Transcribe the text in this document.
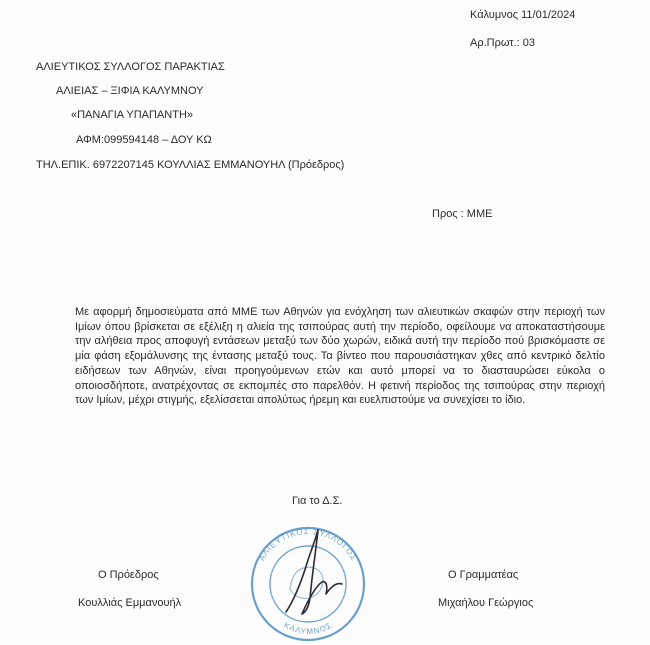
Κάλυμνος 11/01/2024
Αρ.Πρωτ.: 03
ΑΛΙΕΥΤΙΚΟΣ ΣΥΛΛΟΓΟΣ ΠΑΡΑΚΤΙΑΣ
ΑΛΙΕΙΑΣ – ΞΙΦΙΑ ΚΑΛΥΜΝΟΥ
«ΠΑΝΑΓΙΑ ΥΠΑΠΑΝΤΗ»
ΑΦΜ:099594148 – ΔΟΥ ΚΩ
ΤΗΛ.ΕΠΙΚ. 6972207145 ΚΟΥΛΛΙΑΣ ΕΜΜΑΝΟΥΗΛ (Πρόεδρος)
Προς : ΜΜΕ
Με αφορμή δημοσιεύματα από ΜΜΕ των Αθηνών για ενόχληση των αλιευτικών σκαφών στην περιοχή των Ιμίων όπου βρίσκεται σε εξέλιξη η αλιεία της τσιπούρας αυτή την περίοδο, οφείλουμε να αποκαταστήσουμε την αλήθεια προς αποφυγή εντάσεων μεταξύ των δύο χωρών, ειδικά αυτή την περίοδο πού βρισκόμαστε σε μία φάση εξομάλυνσης της έντασης μεταξύ τους. Τα βίντεο που παρουσιάστηκαν χθες από κεντρικό δελτίο ειδήσεων των Αθηνών, είναι προηγούμενων ετών και αυτό μπορεί να το διασταυρώσει εύκολα ο οποιοσδήποτε, ανατρέχοντας σε εκπομπές στο παρελθόν. Η φετινή περίοδος της τσιπούρας στην περιοχή των Ιμίων, μέχρι στιγμής, εξελίσσεται απολύτως ήρεμη και ευελπιστούμε να συνεχίσει το ίδιο.
Για το Δ.Σ.
Ο Πρόεδρος
Κουλλιάς Εμμανουήλ
Ο Γραμματέας
Μιχαήλου Γεώργιος
ΑΛΙΕΥΤΙΚΟΣ ΣΥΛΛΟΓΟΣ
ΚΑΛΥΜΝΟΣ
